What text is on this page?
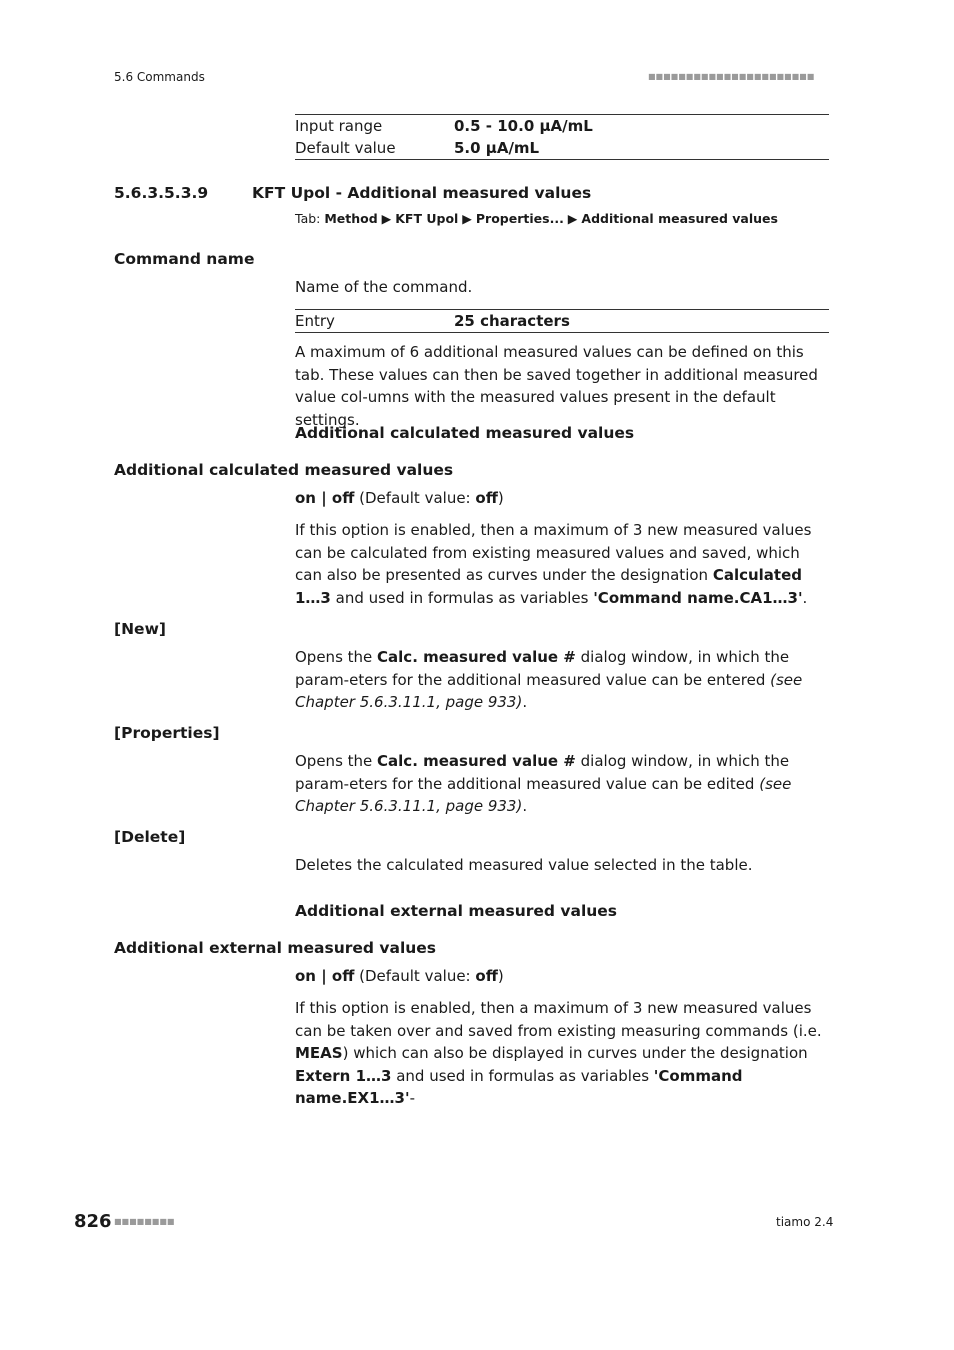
5.6 Commands	■■■■■■■■■■■■■■■■■■■■■■
Input range	0.5 - 10.0 µA/mL
Default value	5.0 µA/mL
5.6.3.5.3.9	KFT Upol - Additional measured values
Tab: Method ▶ KFT Upol ▶ Properties... ▶ Additional measured values
Command name
Name of the command.
Entry	25 characters
A maximum of 6 additional measured values can be defined on this tab. These values can then be saved together in additional measured value col-umns with the measured values present in the default settings.
Additional calculated measured values
Additional calculated measured values
on | off (Default value: off)
If this option is enabled, then a maximum of 3 new measured values can be calculated from existing measured values and saved, which can also be presented as curves under the designation Calculated 1…3 and used in formulas as variables 'Command name.CA1…3'.
[New]
Opens the Calc. measured value # dialog window, in which the param-eters for the additional measured value can be entered (see Chapter 5.6.3.11.1, page 933).
[Properties]
Opens the Calc. measured value # dialog window, in which the param-eters for the additional measured value can be edited (see Chapter 5.6.3.11.1, page 933).
[Delete]
Deletes the calculated measured value selected in the table.
Additional external measured values
Additional external measured values
on | off (Default value: off)
If this option is enabled, then a maximum of 3 new measured values can be taken over and saved from existing measuring commands (i.e. MEAS) which can also be displayed in curves under the designation Extern 1…3 and used in formulas as variables 'Command name.EX1…3'-
826 ■■■■■■■■	tiamo 2.4
